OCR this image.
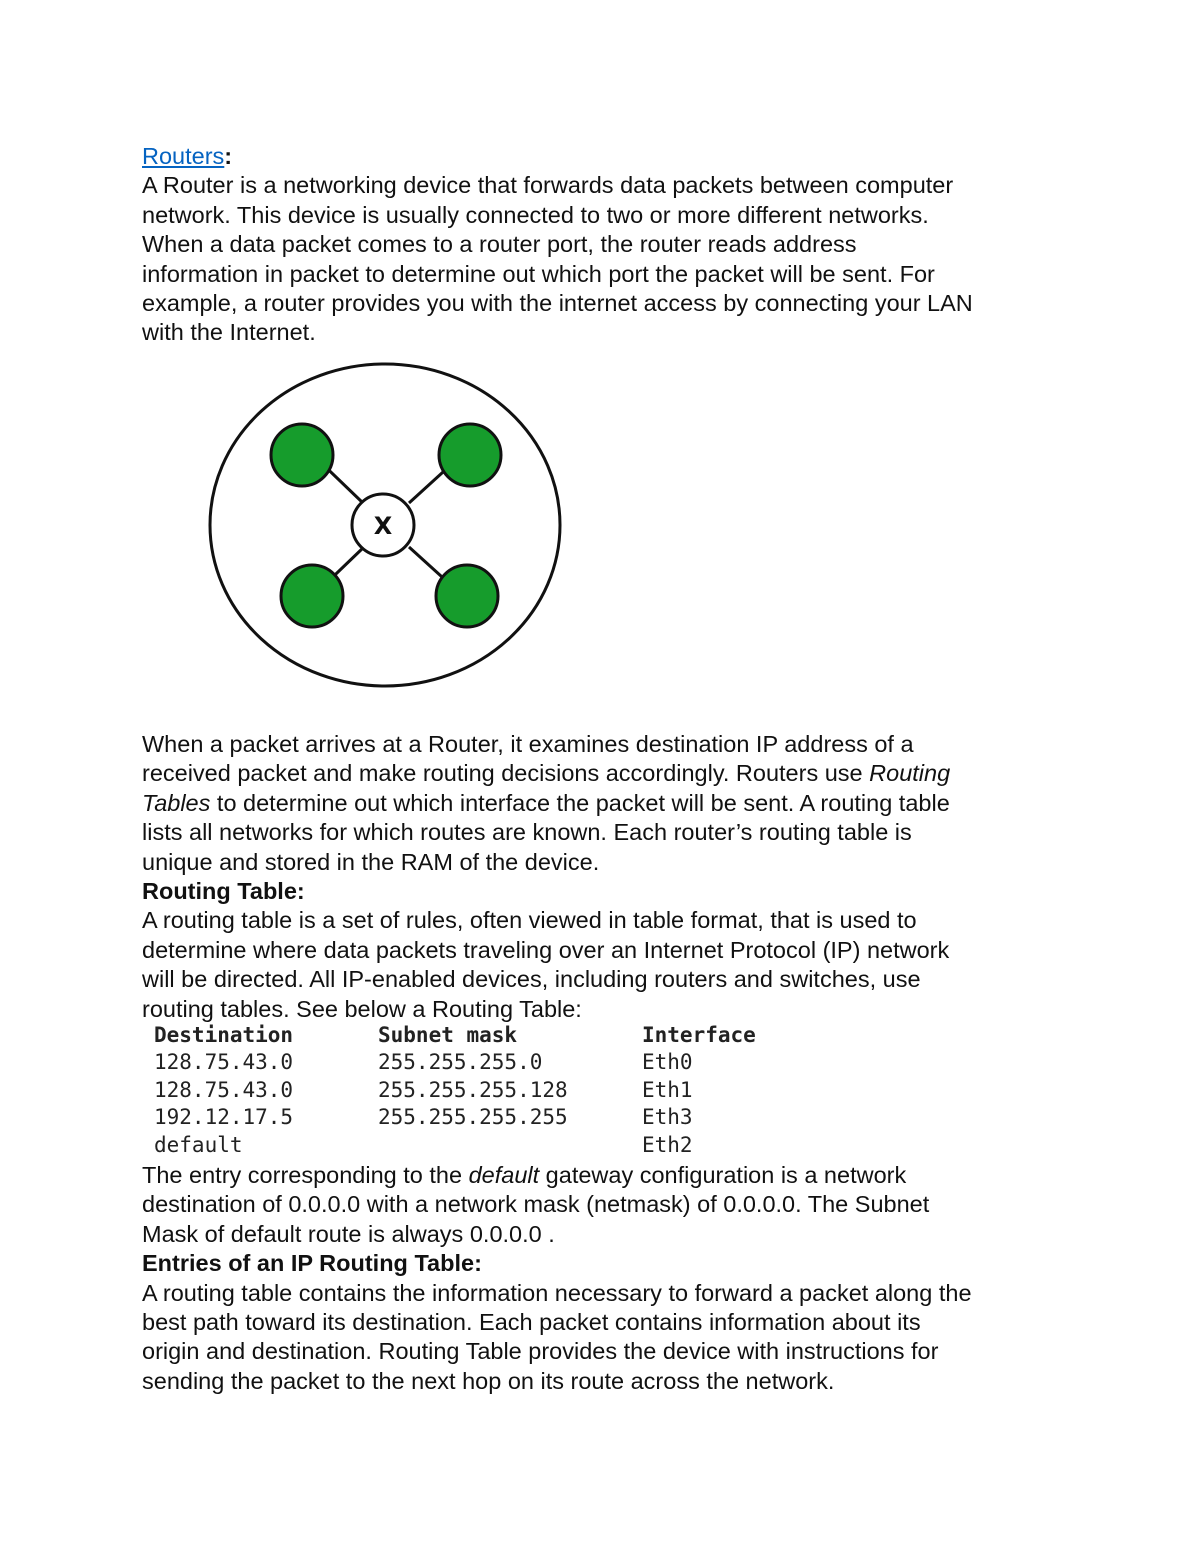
Routers:
A Router is a networking device that forwards data packets between computer
network. This device is usually connected to two or more different networks.
When a data packet comes to a router port, the router reads address
information in packet to determine out which port the packet will be sent. For
example, a router provides you with the internet access by connecting your LAN
with the Internet.
X
When a packet arrives at a Router, it examines destination IP address of a
received packet and make routing decisions accordingly. Routers use Routing
Tables to determine out which interface the packet will be sent. A routing table
lists all networks for which routes are known. Each router’s routing table is
unique and stored in the RAM of the device.
Routing Table:
A routing table is a set of rules, often viewed in table format, that is used to
determine where data packets traveling over an Internet Protocol (IP) network
will be directed. All IP-enabled devices, including routers and switches, use
routing tables. See below a Routing Table:
Destination	Subnet mask	Interface
128.75.43.0	255.255.255.0	Eth0
128.75.43.0	255.255.255.128	Eth1
192.12.17.5	255.255.255.255	Eth3
default		Eth2
The entry corresponding to the default gateway configuration is a network
destination of 0.0.0.0 with a network mask (netmask) of 0.0.0.0. The Subnet
Mask of default route is always 0.0.0.0 .
Entries of an IP Routing Table:
A routing table contains the information necessary to forward a packet along the
best path toward its destination. Each packet contains information about its
origin and destination. Routing Table provides the device with instructions for
sending the packet to the next hop on its route across the network.
